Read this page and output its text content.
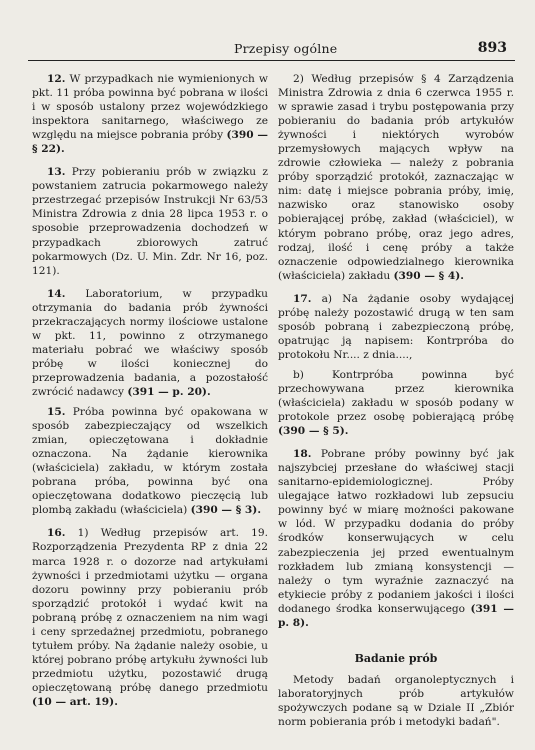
Przepisy ogólne	893

12. W przypadkach nie wymienionych w pkt. 11 próba powinna być pobrana w ilości i w sposób ustalony przez wojewódzkiego inspektora sanitarnego, właściwego ze względu na miejsce pobrania próby (390 — § 22).

13. Przy pobieraniu prób w związku z powstaniem zatrucia pokarmowego należy przestrzegać przepisów Instrukcji Nr 63/53 Ministra Zdrowia z dnia 28 lipca 1953 r. o sposobie przeprowadzenia dochodzeń w przypadkach zbiorowych zatruć pokarmowych (Dz. U. Min. Zdr. Nr 16, poz. 121).

14. Laboratorium, w przypadku otrzymania do badania prób żywności przekraczających normy ilościowe ustalone w pkt. 11, powinno z otrzymanego materiału pobrać we właściwy sposób próbę w ilości koniecznej do przeprowadzenia badania, a pozostałość zwrócić nadawcy (391 — p. 20).

15. Próba powinna być opakowana w sposób zabezpieczający od wszelkich zmian, opieczętowana i dokładnie oznaczona. Na żądanie kierownika (właściciela) zakładu, w którym została pobrana próba, powinna być ona opieczętowana dodatkowo pieczęcią lub plombą zakładu (właściciela) (390 — § 3).

16. 1) Według przepisów art. 19. Rozporządzenia Prezydenta RP z dnia 22 marca 1928 r. o dozorze nad artykułami żywności i przedmiotami użytku — organa dozoru powinny przy pobieraniu prób sporządzić protokół i wydać kwit na pobraną próbę z oznaczeniem na nim wagi i ceny sprzedażnej przedmiotu, pobranego tytułem próby. Na żądanie należy osobie, u której pobrano próbę artykułu żywności lub przedmiotu użytku, pozostawić drugą opieczętowaną próbę danego przedmiotu (10 — art. 19).

2) Według przepisów § 4 Zarządzenia Ministra Zdrowia z dnia 6 czerwca 1955 r. w sprawie zasad i trybu postępowania przy pobieraniu do badania prób artykułów żywności i niektórych wyrobów przemysłowych mających wpływ na zdrowie człowieka — należy z pobrania próby sporządzić protokół, zaznaczając w nim: datę i miejsce pobrania próby, imię, nazwisko oraz stanowisko osoby pobierającej próbę, zakład (właściciel), w którym pobrano próbę, oraz jego adres, rodzaj, ilość i cenę próby a także oznaczenie odpowiedzialnego kierownika (właściciela) zakładu (390 — § 4).

17. a) Na żądanie osoby wydającej próbę należy pozostawić drugą w ten sam sposób pobraną i zabezpieczoną próbę, opatrując ją napisem: Kontrpróba do protokołu Nr.... z dnia....,

b) Kontrpróba powinna być przechowywana przez kierownika (właściciela) zakładu w sposób podany w protokole przez osobę pobierającą próbę (390 — § 5).

18. Pobrane próby powinny być jak najszybciej przesłane do właściwej stacji sanitarno-epidemiologicznej. Próby ulegające łatwo rozkładowi lub zepsuciu powinny być w miarę możności pakowane w lód. W przypadku dodania do próby środków konserwujących w celu zabezpieczenia jej przed ewentualnym rozkładem lub zmianą konsystencji — należy o tym wyraźnie zaznaczyć na etykiecie próby z podaniem jakości i ilości dodanego środka konserwującego (391 — p. 8).

Badanie prób

Metody badań organoleptycznych i laboratoryjnych prób artykułów spożywczych podane są w Dziale II „Zbiór norm pobierania prób i metodyki badań".
